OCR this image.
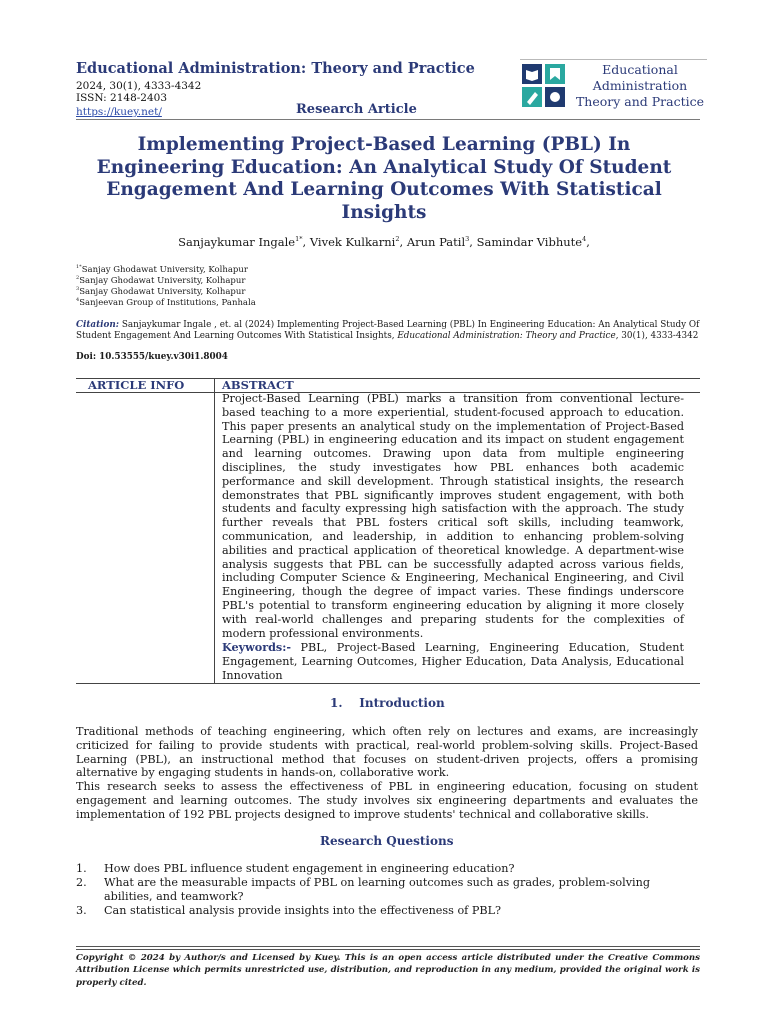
Educational Administration: Theory and Practice
2024, 30(1), 4333-4342
ISSN: 2148-2403
https://kuey.net/	Research Article
Educational
Administration
Theory and Practice
Implementing Project-Based Learning (PBL) In Engineering Education: An Analytical Study Of Student Engagement And Learning Outcomes With Statistical Insights
Sanjaykumar Ingale$^{1*}$, Vivek Kulkarni$^2$, Arun Patil$^3$, Samindar Vibhute$^4$,
$^{1*}$Sanjay Ghodawat University, Kolhapur
$^2$Sanjay Ghodawat University, Kolhapur
$^3$Sanjay Ghodawat University, Kolhapur
$^4$Sanjeevan Group of Institutions, Panhala
Citation: Sanjaykumar Ingale , et. al (2024) Implementing Project-Based Learning (PBL) In Engineering Education: An Analytical Study Of Student Engagement And Learning Outcomes With Statistical Insights, Educational Administration: Theory and Practice, 30(1), 4333-4342
Doi: 10.53555/kuey.v30i1.8004
ARTICLE INFO	ABSTRACT
Project-Based Learning (PBL) marks a transition from conventional lecture-based teaching to a more experiential, student-focused approach to education. This paper presents an analytical study on the implementation of Project-Based Learning (PBL) in engineering education and its impact on student engagement and learning outcomes. Drawing upon data from multiple engineering disciplines, the study investigates how PBL enhances both academic performance and skill development. Through statistical insights, the research demonstrates that PBL significantly improves student engagement, with both students and faculty expressing high satisfaction with the approach. The study further reveals that PBL fosters critical soft skills, including teamwork, communication, and leadership, in addition to enhancing problem-solving abilities and practical application of theoretical knowledge. A department-wise analysis suggests that PBL can be successfully adapted across various fields, including Computer Science & Engineering, Mechanical Engineering, and Civil Engineering, though the degree of impact varies. These findings underscore PBL's potential to transform engineering education by aligning it more closely with real-world challenges and preparing students for the complexities of modern professional environments.
Keywords:- PBL, Project-Based Learning, Engineering Education, Student Engagement, Learning Outcomes, Higher Education, Data Analysis, Educational Innovation
1. Introduction
Traditional methods of teaching engineering, which often rely on lectures and exams, are increasingly criticized for failing to provide students with practical, real-world problem-solving skills. Project-Based Learning (PBL), an instructional method that focuses on student-driven projects, offers a promising alternative by engaging students in hands-on, collaborative work.
This research seeks to assess the effectiveness of PBL in engineering education, focusing on student engagement and learning outcomes. The study involves six engineering departments and evaluates the implementation of 192 PBL projects designed to improve students' technical and collaborative skills.
Research Questions
1. How does PBL influence student engagement in engineering education?
2. What are the measurable impacts of PBL on learning outcomes such as grades, problem-solving abilities, and teamwork?
3. Can statistical analysis provide insights into the effectiveness of PBL?
Copyright © 2024 by Author/s and Licensed by Kuey. This is an open access article distributed under the Creative Commons Attribution License which permits unrestricted use, distribution, and reproduction in any medium, provided the original work is properly cited.
